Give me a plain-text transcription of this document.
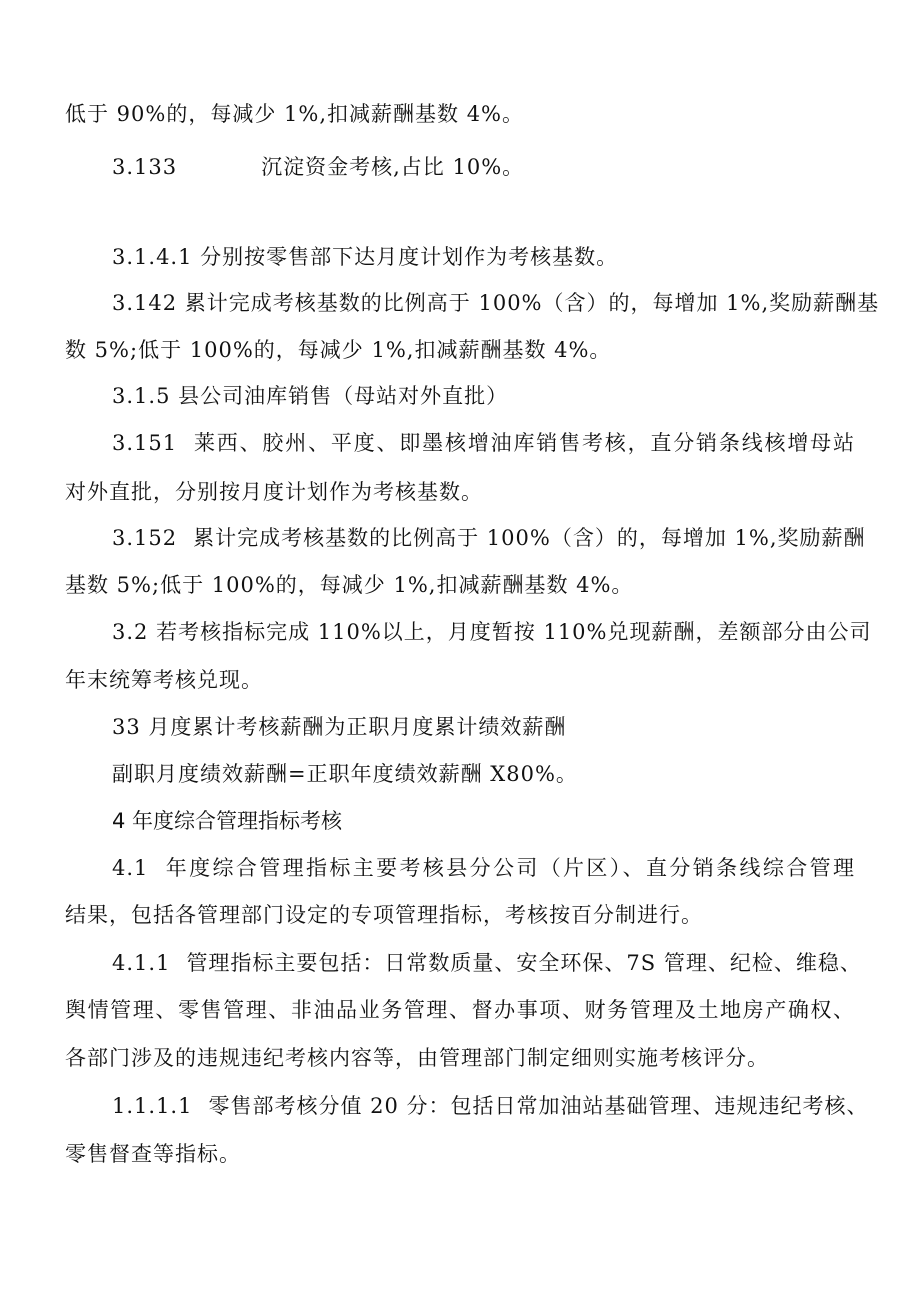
低于 90%的，每减少 1%,扣减薪酬基数 4%。
3.133	沉淀资金考核,占比 10%。
3.1.4.1 分别按零售部下达月度计划作为考核基数。
3.142 累计完成考核基数的比例高于 100%（含）的，每增加 1%,奖励薪酬基
数 5%;低于 100%的，每减少 1%,扣减薪酬基数 4%。
3.1.5 县公司油库销售（母站对外直批）
3.151 莱西、胶州、平度、即墨核增油库销售考核，直分销条线核增母站
对外直批，分别按月度计划作为考核基数。
3.152 累计完成考核基数的比例高于 100%（含）的，每增加 1%,奖励薪酬
基数 5%;低于 100%的，每减少 1%,扣减薪酬基数 4%。
3.2 若考核指标完成 110%以上，月度暂按 110%兑现薪酬，差额部分由公司
年末统筹考核兑现。
33 月度累计考核薪酬为正职月度累计绩效薪酬
副职月度绩效薪酬=正职年度绩效薪酬 X80%。
4 年度综合管理指标考核
4.1 年度综合管理指标主要考核县分公司（片区）、直分销条线综合管理
结果，包括各管理部门设定的专项管理指标，考核按百分制进行。
4.1.1 管理指标主要包括：日常数质量、安全环保、7S 管理、纪检、维稳、
舆情管理、零售管理、非油品业务管理、督办事项、财务管理及土地房产确权、
各部门涉及的违规违纪考核内容等，由管理部门制定细则实施考核评分。
1.1.1.1 零售部考核分值 20 分：包括日常加油站基础管理、违规违纪考核、
零售督查等指标。
